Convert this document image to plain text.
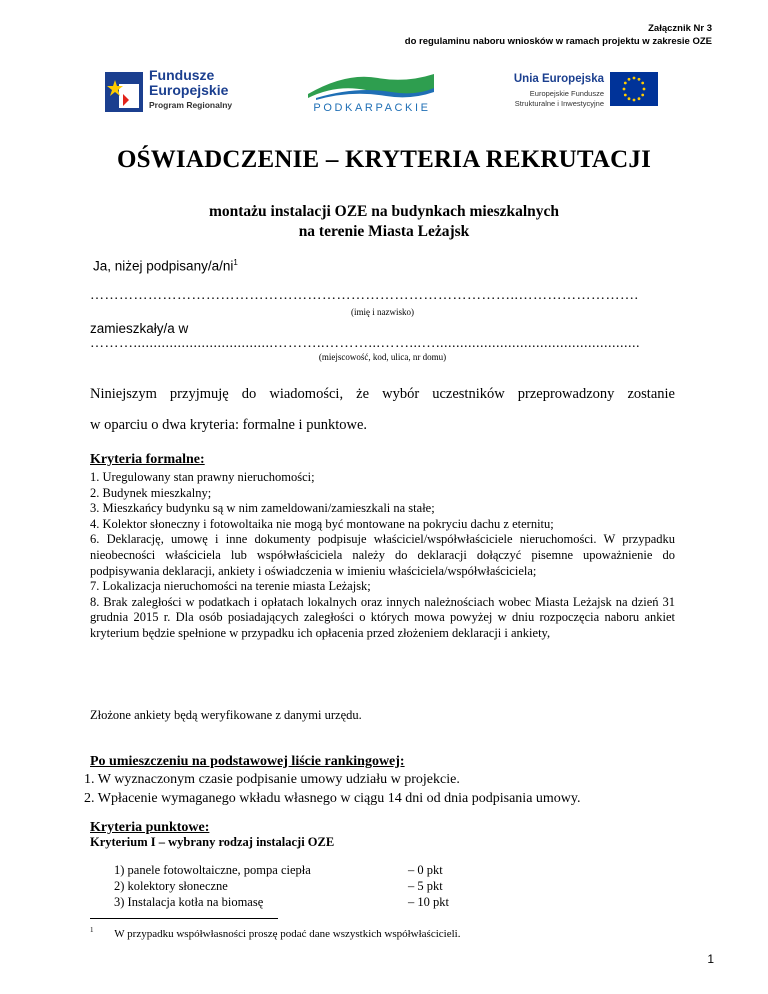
Załącznik Nr 3
do regulaminu naboru wniosków w ramach projektu w zakresie OZE
Fundusze
Europejskie
Program Regionalny	PODKARPACKIE
Unia Europejska
Europejskie Fundusze
Strukturalne i Inwestycyjne
OŚWIADCZENIE – KRYTERIA REKRUTACJI
montażu instalacji OZE na budynkach mieszkalnych
na terenie Miasta Leżajsk
Ja, niżej podpisany/$a/ni^1$
……………………………………………………………………………..…………………….
(imię i nazwisko)
zamieszkały/a w
………...................................………..………...……...…...................................................
(miejscowość, kod, ulica, nr domu)
Niniejszym przyjmuję do wiadomości, że wybór uczestników przeprowadzony zostanie
w oparciu o dwa kryteria: formalne i punktowe.
Kryteria formalne:
1. Uregulowany stan prawny nieruchomości;
2. Budynek mieszkalny;
3. Mieszkańcy budynku są w nim zameldowani/zamieszkali na stałe;
4. Kolektor słoneczny i fotowoltaika nie mogą być montowane na pokryciu dachu z eternitu;
6. Deklarację, umowę i inne dokumenty podpisuje właściciel/współwłaściciele nieruchomości. W przypadku nieobecności właściciela lub współwłaściciela należy do deklaracji dołączyć pisemne upoważnienie do podpisywania deklaracji, ankiety i oświadczenia w imieniu właściciela/współwłaściciela;
7. Lokalizacja nieruchomości na terenie miasta Leżajsk;
8. Brak zaległości w podatkach i opłatach lokalnych oraz innych należnościach wobec Miasta Leżajsk na dzień 31 grudnia 2015 r. Dla osób posiadających zaległości o których mowa powyżej w dniu rozpoczęcia naboru ankiet kryterium będzie spełnione w przypadku ich opłacenia przed złożeniem deklaracji i ankiety,
Złożone ankiety będą weryfikowane z danymi urzędu.
Po umieszczeniu na podstawowej liście rankingowej:
1. W wyznaczonym czasie podpisanie umowy udziału w projekcie.
2. Wpłacenie wymaganego wkładu własnego w ciągu 14 dni od dnia podpisania umowy.
Kryteria punktowe:
Kryterium I – wybrany rodzaj instalacji OZE
1) panele fotowoltaiczne, pompa ciepła	– 0 pkt
2) kolektory słoneczne	– 5 pkt
3) Instalacja kotła na biomasę	– 10 pkt
$^1$ W przypadku współwłasności proszę podać dane wszystkich współwłaścicieli.
1
